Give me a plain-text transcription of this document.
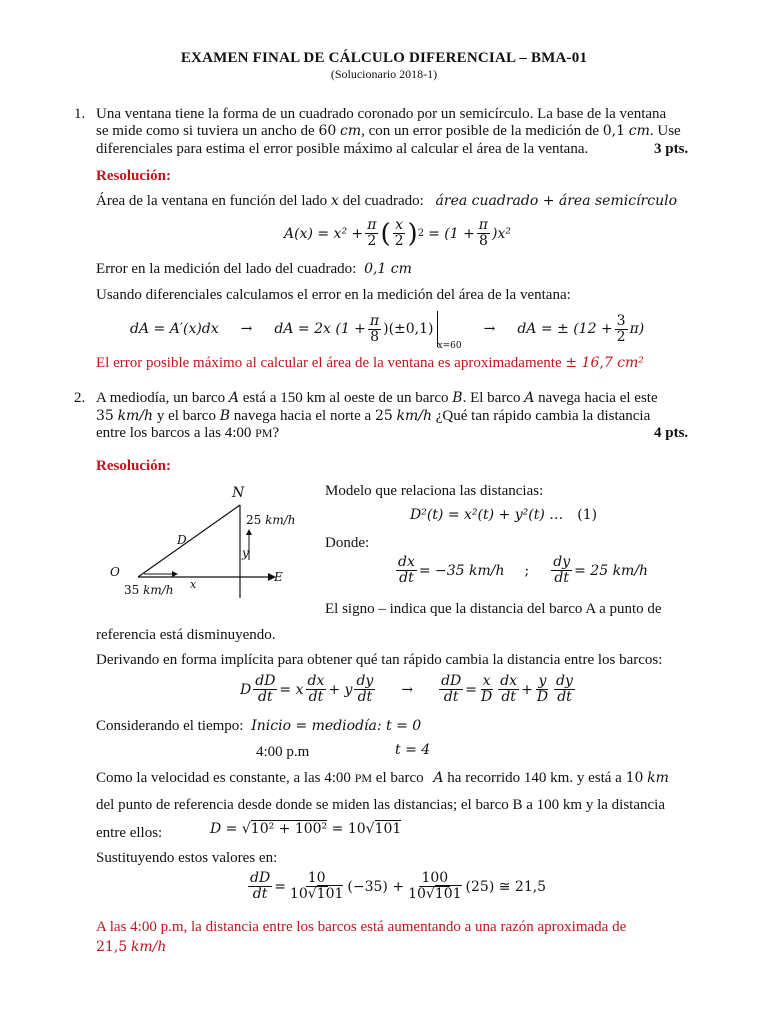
EXAMEN FINAL DE CÁLCULO DIFERENCIAL – BMA-01
(Solucionario 2018-1)
1. Una ventana tiene la forma de un cuadrado coronado por un semicírculo. La base de la ventana
se mide como si tuviera un ancho de 60 cm, con un error posible de la medición de 0,1 cm. Use
diferenciales para estima el error posible máximo al calcular el área de la ventana.	3 pts.
Resolución:
Área de la ventana en función del lado x del cuadrado: área cuadrado + área semicírculo
$A(x) = x^2 + \frac{\pi}{2}$ ( $\frac{x}{2}$ ) $2 = (1 + \frac{\pi}{8} )x^2$
Error en la medición del lado del cuadrado: 0,1 cm
Usando diferenciales calculamos el error en la medición del área de la ventana:
dA = A′(x)dx → dA = 2x $(1 + \frac{\pi}{8} )(\pm 0,1)$
x=60
→ dA = ± $(12 + \frac{3}{2} \pi)$
El error posible máximo al calcular el área de la ventana es aproximadamente ± 16,7 cm²
2. A mediodía, un barco A está a 150 km al oeste de un barco B. El barco A navega hacia el este
35 km/h y el barco B navega hacia el norte a 25 km/h ¿Qué tan rápido cambia la distancia
entre los barcos a las 4:00 PM?	4 pts.
Resolución:
N
25 km/h
D
y
O	E
x
35 km/h
Modelo que relaciona las distancias:
D²(t) = x²(t) + y²(t) … (1)
Donde:
$\frac{dx}{dt} = -35$ km/h ; $\frac{dy}{dt} = 25$ km/h
El signo – indica que la distancia del barco A a punto de
referencia está disminuyendo.
Derivando en forma implícita para obtener qué tan rápido cambia la distancia entre los barcos:
D $\frac{dD}{dt} = x \frac{dx}{dt} + y \frac{dy}{dt} \to \frac{dD}{dt} = \frac{x}{D} \frac{dx}{dt} + \frac{y}{D} \frac{dy}{dt}$
Considerando el tiempo: Inicio = mediodía: t = 0
4:00 p.m	t = 4
Como la velocidad es constante, a las 4:00 PM el barco A ha recorrido 140 km. y está a 10 km
del punto de referencia desde donde se miden las distancias; el barco B a 100 km y la distancia
entre ellos:	D = √10² + 100² = 10√101
Sustituyendo estos valores en:
$\frac{dD}{dt} = \frac{10}{10√101} (-35) + \frac{100}{10√101} (25)$ ≅ 21,5
A las 4:00 p.m, la distancia entre los barcos está aumentando a una razón aproximada de
21,5 km/h
